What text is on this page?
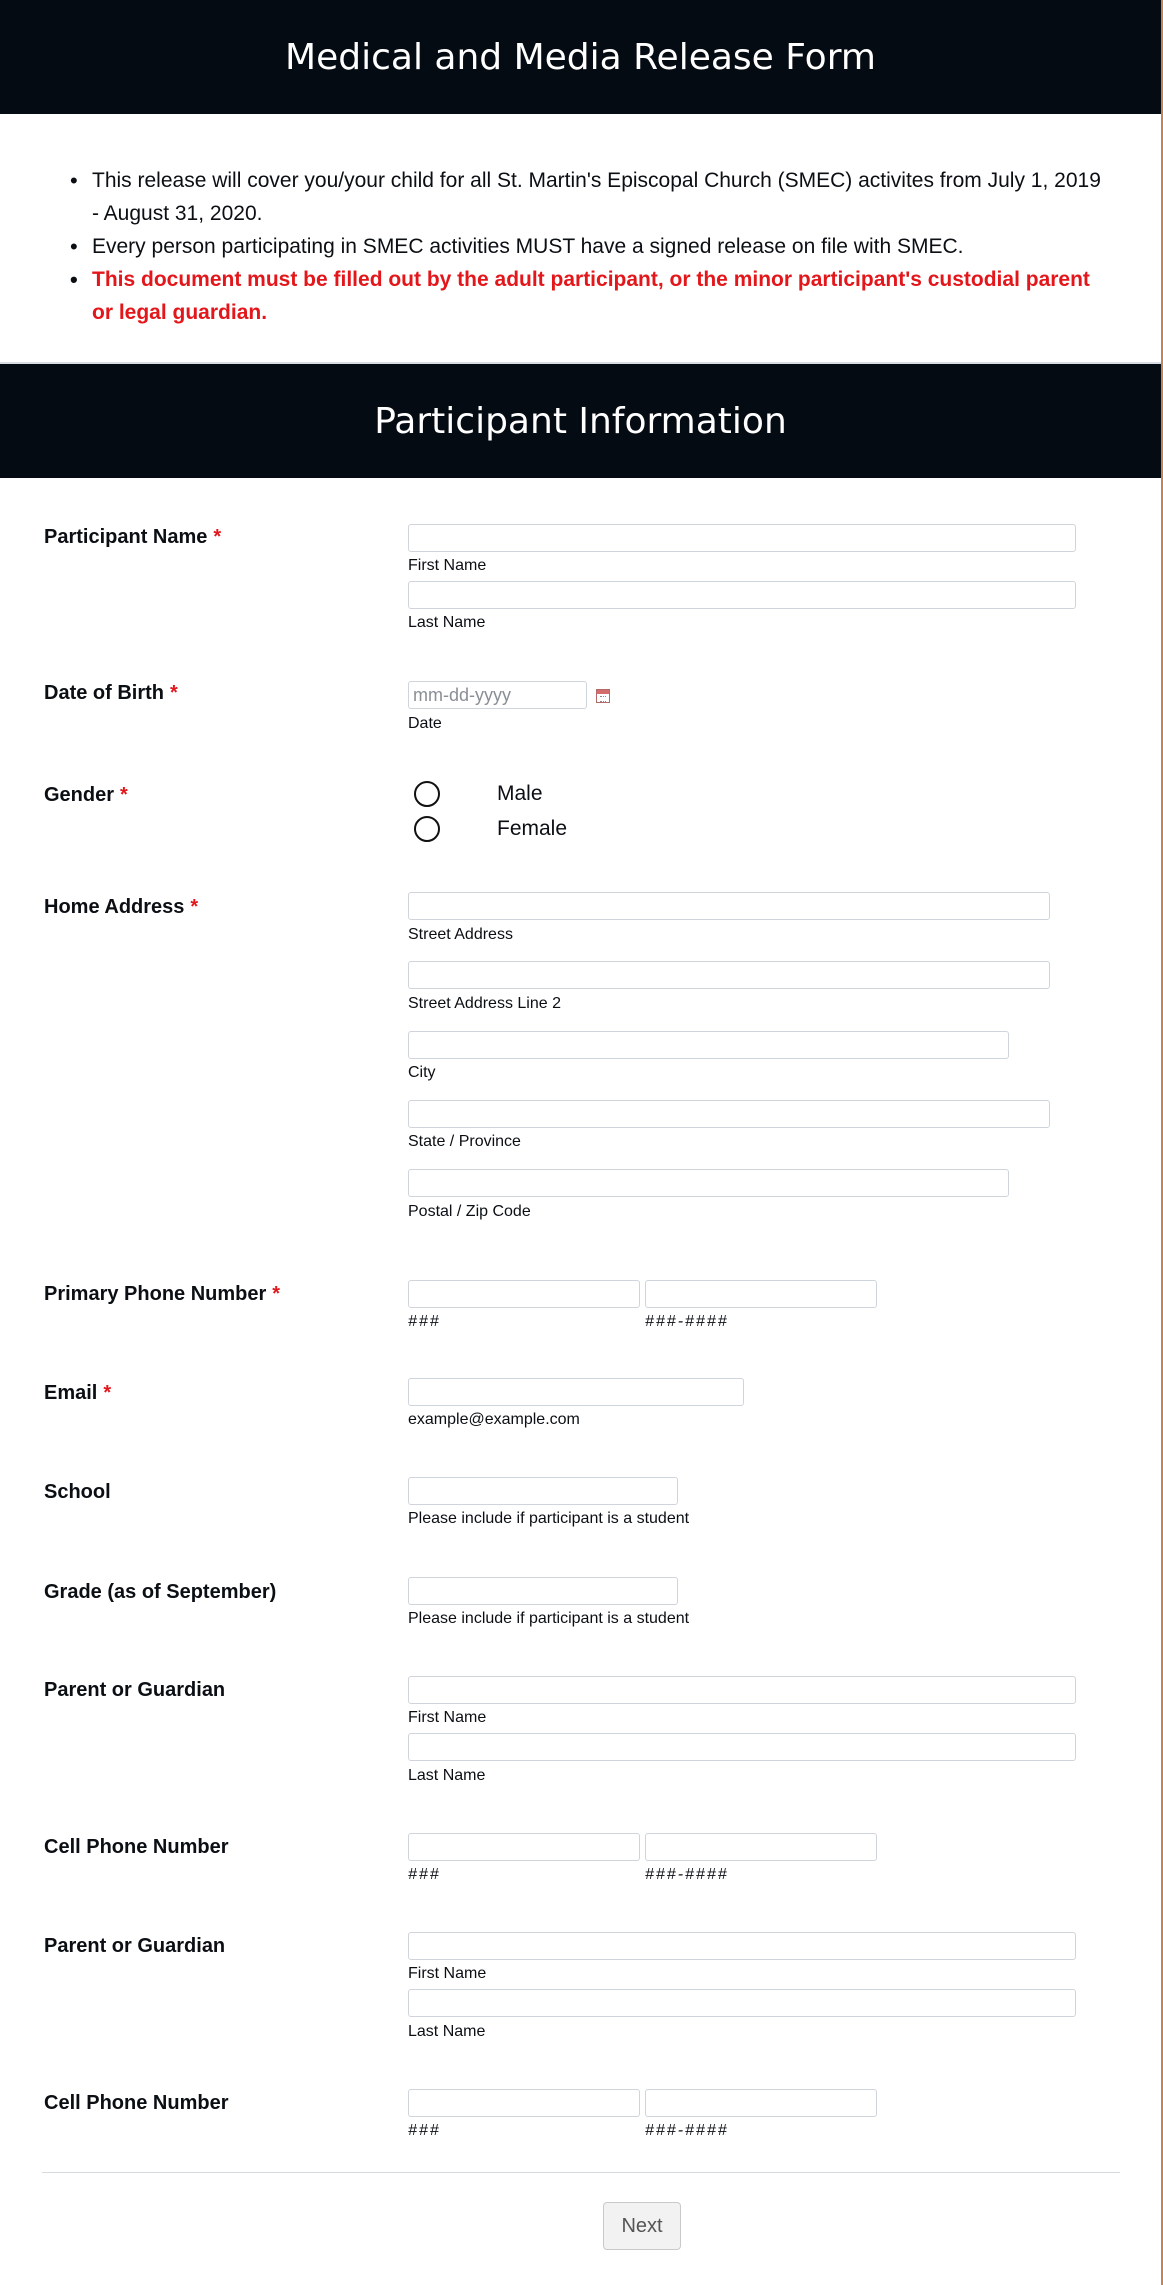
Medical and Media Release Form
• This release will cover you/your child for all St. Martin's Episcopal Church (SMEC) activites from July 1, 2019 - August 31, 2020.
• Every person participating in SMEC activities MUST have a signed release on file with SMEC.
• This document must be filled out by the adult participant, or the minor participant's custodial parent or legal guardian.
Participant Information
Participant Name *
First Name
Last Name
Date of Birth *
mm-dd-yyyy
Date
Gender *	Male
Female
Home Address *
Street Address
Street Address Line 2
City
State / Province
Postal / Zip Code
Primary Phone Number *
###	###-####
Email *
example@example.com
School
Please include if participant is a student
Grade (as of September)
Please include if participant is a student
Parent or Guardian
First Name
Last Name
Cell Phone Number
###	###-####
Parent or Guardian
First Name
Last Name
Cell Phone Number
###	###-####
Next
